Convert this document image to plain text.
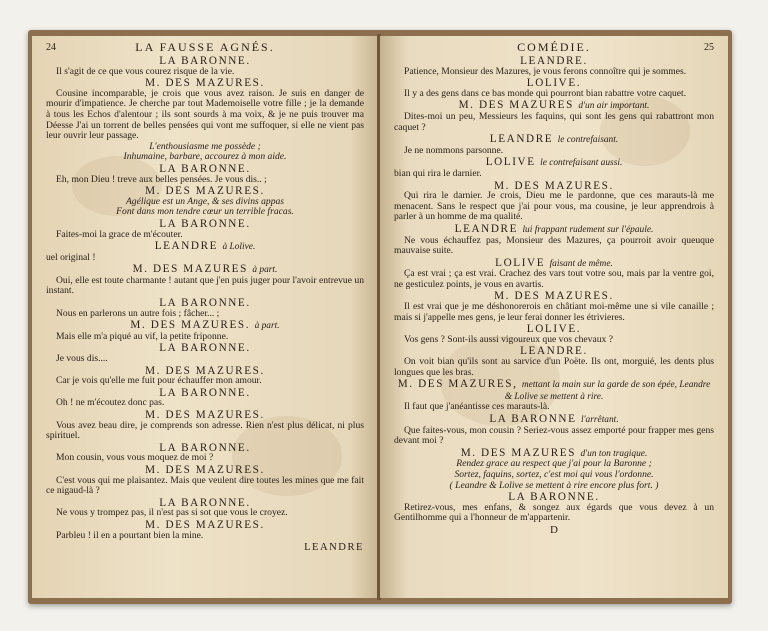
24	LA FAUSSE AGNÉS.
LA BARONNE.
Il s'agit de ce que vous courez risque de la vie.
M. DES MAZURES.
Cousine incomparable, je crois que vous avez raison. Je suis en danger de mourir d'impatience. Je cherche par tout Mademoiselle votre fille ; je la demande à tous les Echos d'alentour ; ils sont sourds à ma voix, & je ne puis trouver ma Déesse J'ai un torrent de belles pensées qui vont me suffoquer, si elle ne vient pas leur ouvrir leur passage.
L'enthousiasme me possède ;
Inhumaine, barbare, accourez à mon aide.
LA BARONNE.
Eh, mon Dieu ! treve aux belles pensées. Je vous dis.. ;
M. DES MAZURES.
Agélique est un Ange, & ses divins appas
Font dans mon tendre cœur un terrible fracas.
LA BARONNE.
Faites-moi la grace de m'écouter.
LEANDRE à Lolive.
uel original !
M. DES MAZURES à part.
Oui, elle est toute charmante ! autant que j'en puis juger pour l'avoir entrevue un instant.
LA BARONNE.
Nous en parlerons un autre fois ; fâcher... ;
M. DES MAZURES. à part.
Mais elle m'a piqué au vif, la petite friponne.
LA BARONNE.
Je vous dis....
M. DES MAZURES.
Car je vois qu'elle me fuit pour échauffer mon amour.
LA BARONNE.
Oh ! ne m'écoutez donc pas.
M. DES MAZURES.
Vous avez beau dire, je comprends son adresse. Rien n'est plus délicat, ni plus spirituel.
LA BARONNE.
Mon cousin, vous vous moquez de moi ?
M. DES MAZURES.
C'est vous qui me plaisantez. Mais que veulent dire toutes les mines que me fait ce nigaud-là ?
LA BARONNE.
Ne vous y trompez pas, il n'est pas si sot que vous le croyez.
M. DES MAZURES.
Parbleu ! il en a pourtant bien la mine.
LEANDRE
COMÉDIE.	25
LEANDRE.
Patience, Monsieur des Mazures, je vous ferons connoître qui je sommes.
LOLIVE.
Il y a des gens dans ce bas monde qui pourront bian rabattre votre caquet.
M. DES MAZURES d'un air important.
Dites-moi un peu, Messieurs les faquins, qui sont les gens qui rabattront mon caquet ?
LEANDRE le contrefaisant.
Je ne nommons parsonne.
LOLIVE le contrefaisant aussi.
bian qui rira le darnier.
M. DES MAZURES.
Qui rira le darnier. Je crois, Dieu me le pardonne, que ces marauts-là me menacent. Sans le respect que j'ai pour vous, ma cousine, je leur apprendrois à parler à un homme de ma qualité.
LEANDRE lui frappant rudement sur l'épaule.
Ne vous échauffez pas, Monsieur des Mazures, ça pourroit avoir queuque mauvaise suite.
LOLIVE faisant de même.
Ça est vrai ; ça est vrai. Crachez des vars tout votre sou, mais par la ventre goi, ne gesticulez points, je vous en avartis.
M. DES MAZURES.
Il est vrai que je me déshonorerois en châtiant moi-même une si vile canaille ; mais si j'appelle mes gens, je leur ferai donner les étrivieres.
LOLIVE.
Vos gens ? Sont-ils aussi vigoureux que vos chevaux ?
LEANDRE.
On voit bian qu'ils sont au sarvice d'un Poëte. Ils ont, morguié, les dents plus longues que les bras.
M. DES MAZURES, mettant la main sur la garde de son épée, Leandre & Lolive se mettent à rire.
Il faut que j'anéantisse ces marauts-là.
LA BARONNE l'arrêtant.
Que faites-vous, mon cousin ? Seriez-vous assez emporté pour frapper mes gens devant moi ?
M. DES MAZURES d'un ton tragique.
Rendez grace au respect que j'ai pour la Baronne ;
Sortez, faquins, sortez, c'est moi qui vous l'ordonne.
( Leandre & Lolive se mettent à rire encore plus fort. )
LA BARONNE.
Retirez-vous, mes enfans, & songez aux égards que vous devez à un Gentilhomme qui a l'honneur de m'appartenir.
D
